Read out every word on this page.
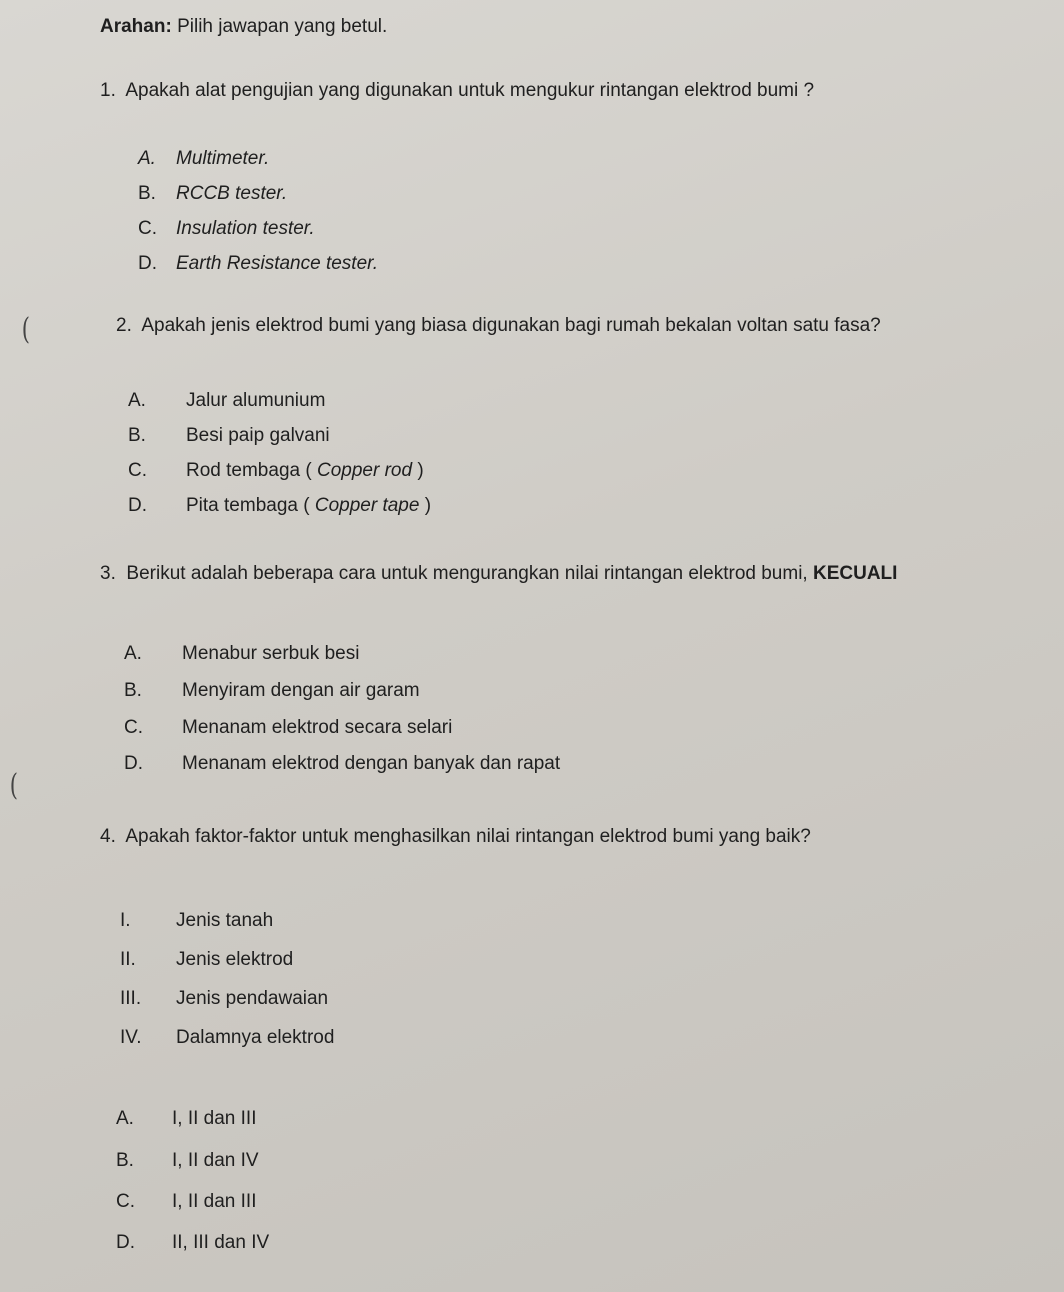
Arahan: Pilih jawapan yang betul.
1. Apakah alat pengujian yang digunakan untuk mengukur rintangan elektrod bumi ?
A. Multimeter.
B. RCCB tester.
C. Insulation tester.
D. Earth Resistance tester.
(	2. Apakah jenis elektrod bumi yang biasa digunakan bagi rumah bekalan voltan satu fasa?
A. Jalur alumunium
B. Besi paip galvani
C. Rod tembaga ( Copper rod )
D. Pita tembaga ( Copper tape )
3. Berikut adalah beberapa cara untuk mengurangkan nilai rintangan elektrod bumi, KECUALI
A. Menabur serbuk besi
B. Menyiram dengan air garam
C. Menanam elektrod secara selari
D. Menanam elektrod dengan banyak dan rapat
(
4. Apakah faktor-faktor untuk menghasilkan nilai rintangan elektrod bumi yang baik?
I. Jenis tanah
II. Jenis elektrod
III. Jenis pendawaian
IV. Dalamnya elektrod
A. I, II dan III
B. I, II dan IV
C. I, II dan III
D. II, III dan IV
